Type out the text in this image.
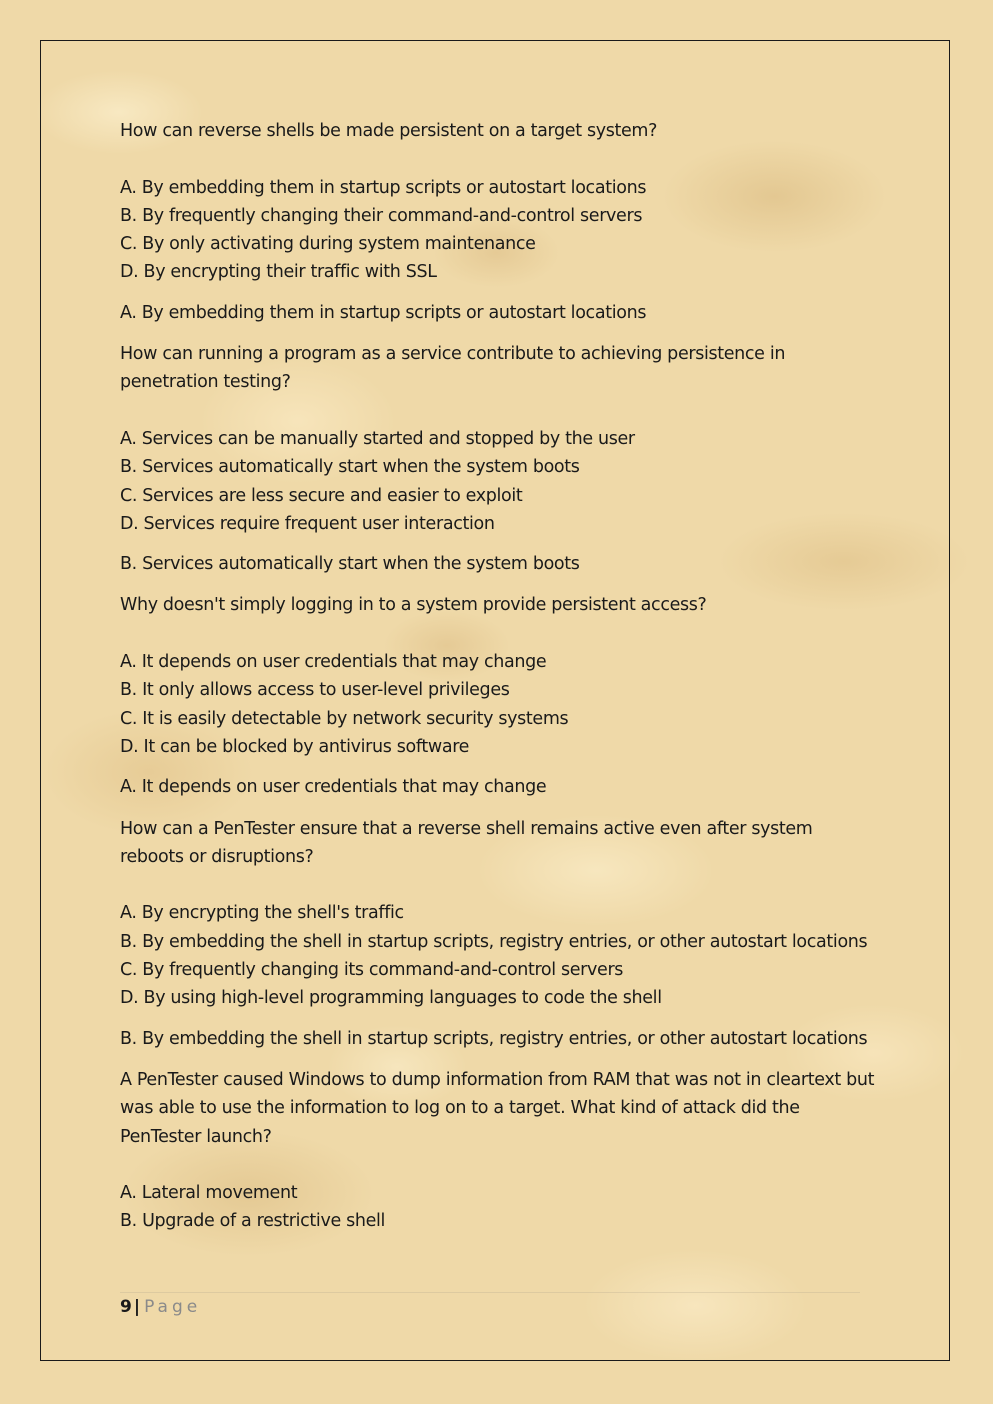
How can reverse shells be made persistent on a target system?

A. By embedding them in startup scripts or autostart locations
B. By frequently changing their command-and-control servers
C. By only activating during system maintenance
D. By encrypting their traffic with SSL

A. By embedding them in startup scripts or autostart locations

How can running a program as a service contribute to achieving persistence in penetration testing?

A. Services can be manually started and stopped by the user
B. Services automatically start when the system boots
C. Services are less secure and easier to exploit
D. Services require frequent user interaction

B. Services automatically start when the system boots

Why doesn't simply logging in to a system provide persistent access?

A. It depends on user credentials that may change
B. It only allows access to user-level privileges
C. It is easily detectable by network security systems
D. It can be blocked by antivirus software

A. It depends on user credentials that may change

How can a PenTester ensure that a reverse shell remains active even after system reboots or disruptions?

A. By encrypting the shell's traffic
B. By embedding the shell in startup scripts, registry entries, or other autostart locations
C. By frequently changing its command-and-control servers
D. By using high-level programming languages to code the shell

B. By embedding the shell in startup scripts, registry entries, or other autostart locations

A PenTester caused Windows to dump information from RAM that was not in cleartext but was able to use the information to log on to a target. What kind of attack did the PenTester launch?

A. Lateral movement
B. Upgrade of a restrictive shell
9 | Page
